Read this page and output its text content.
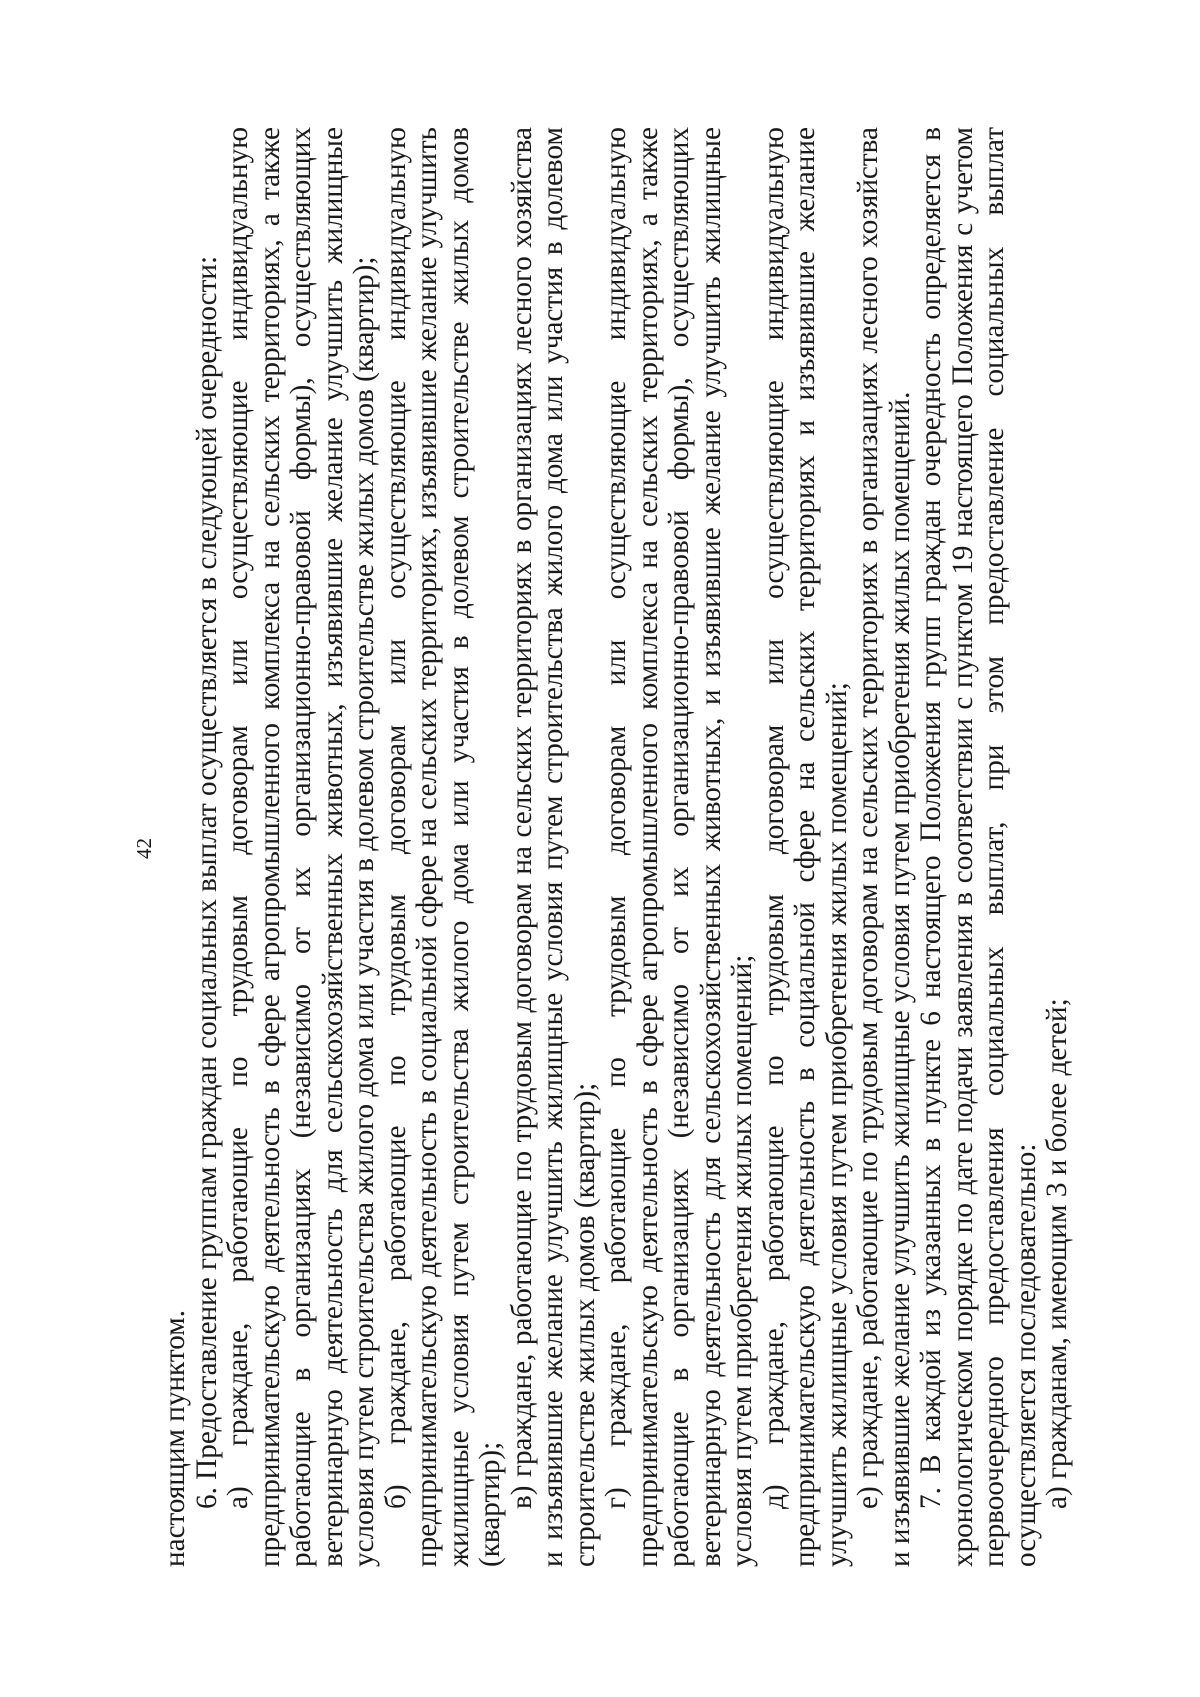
42

настоящим пунктом. 6. Предоставление группам граждан социальных выплат осуществляется в следующей очередности: а) граждане, работающие по трудовым договорам или осуществляющие индивидуальную предпринимательскую деятельность в сфере агропромышленного комплекса на сельских территориях, а также работающие в организациях (независимо от их организационно-правовой формы), осуществляющих ветеринарную деятельность для сельскохозяйственных животных, изъявившие желание улучшить жилищные условия путем строительства жилого дома или участия в долевом строительстве жилых домов (квартир); б) граждане, работающие по трудовым договорам или осуществляющие индивидуальную предпринимательскую деятельность в социальной сфере на сельских территориях, изъявившие желание улучшить жилищные условия путем строительства жилого дома или участия в долевом строительстве жилых домов (квартир); в) граждане, работающие по трудовым договорам на сельских территориях в организациях лесного хозяйства и изъявившие желание улучшить жилищные условия путем строительства жилого дома или участия в долевом строительстве жилых домов (квартир); г) граждане, работающие по трудовым договорам или осуществляющие индивидуальную предпринимательскую деятельность в сфере агропромышленного комплекса на сельских территориях, а также работающие в организациях (независимо от их организационно-правовой формы), осуществляющих ветеринарную деятельность для сельскохозяйственных животных, и изъявившие желание улучшить жилищные условия путем приобретения жилых помещений; д) граждане, работающие по трудовым договорам или осуществляющие индивидуальную предпринимательскую деятельность в социальной сфере на сельских территориях и изъявившие желание улучшить жилищные условия путем приобретения жилых помещений; е) граждане, работающие по трудовым договорам на сельских территориях в организациях лесного хозяйства и изъявившие желание улучшить жилищные условия путем приобретения жилых помещений. 7. В каждой из указанных в пункте 6 настоящего Положения групп граждан очередность определяется в хронологическом порядке по дате подачи заявления в соответствии с пунктом 19 настоящего Положения с учетом первоочередного предоставления социальных выплат, при этом предоставление социальных выплат осуществляется последовательно: а) гражданам, имеющим 3 и более детей;
